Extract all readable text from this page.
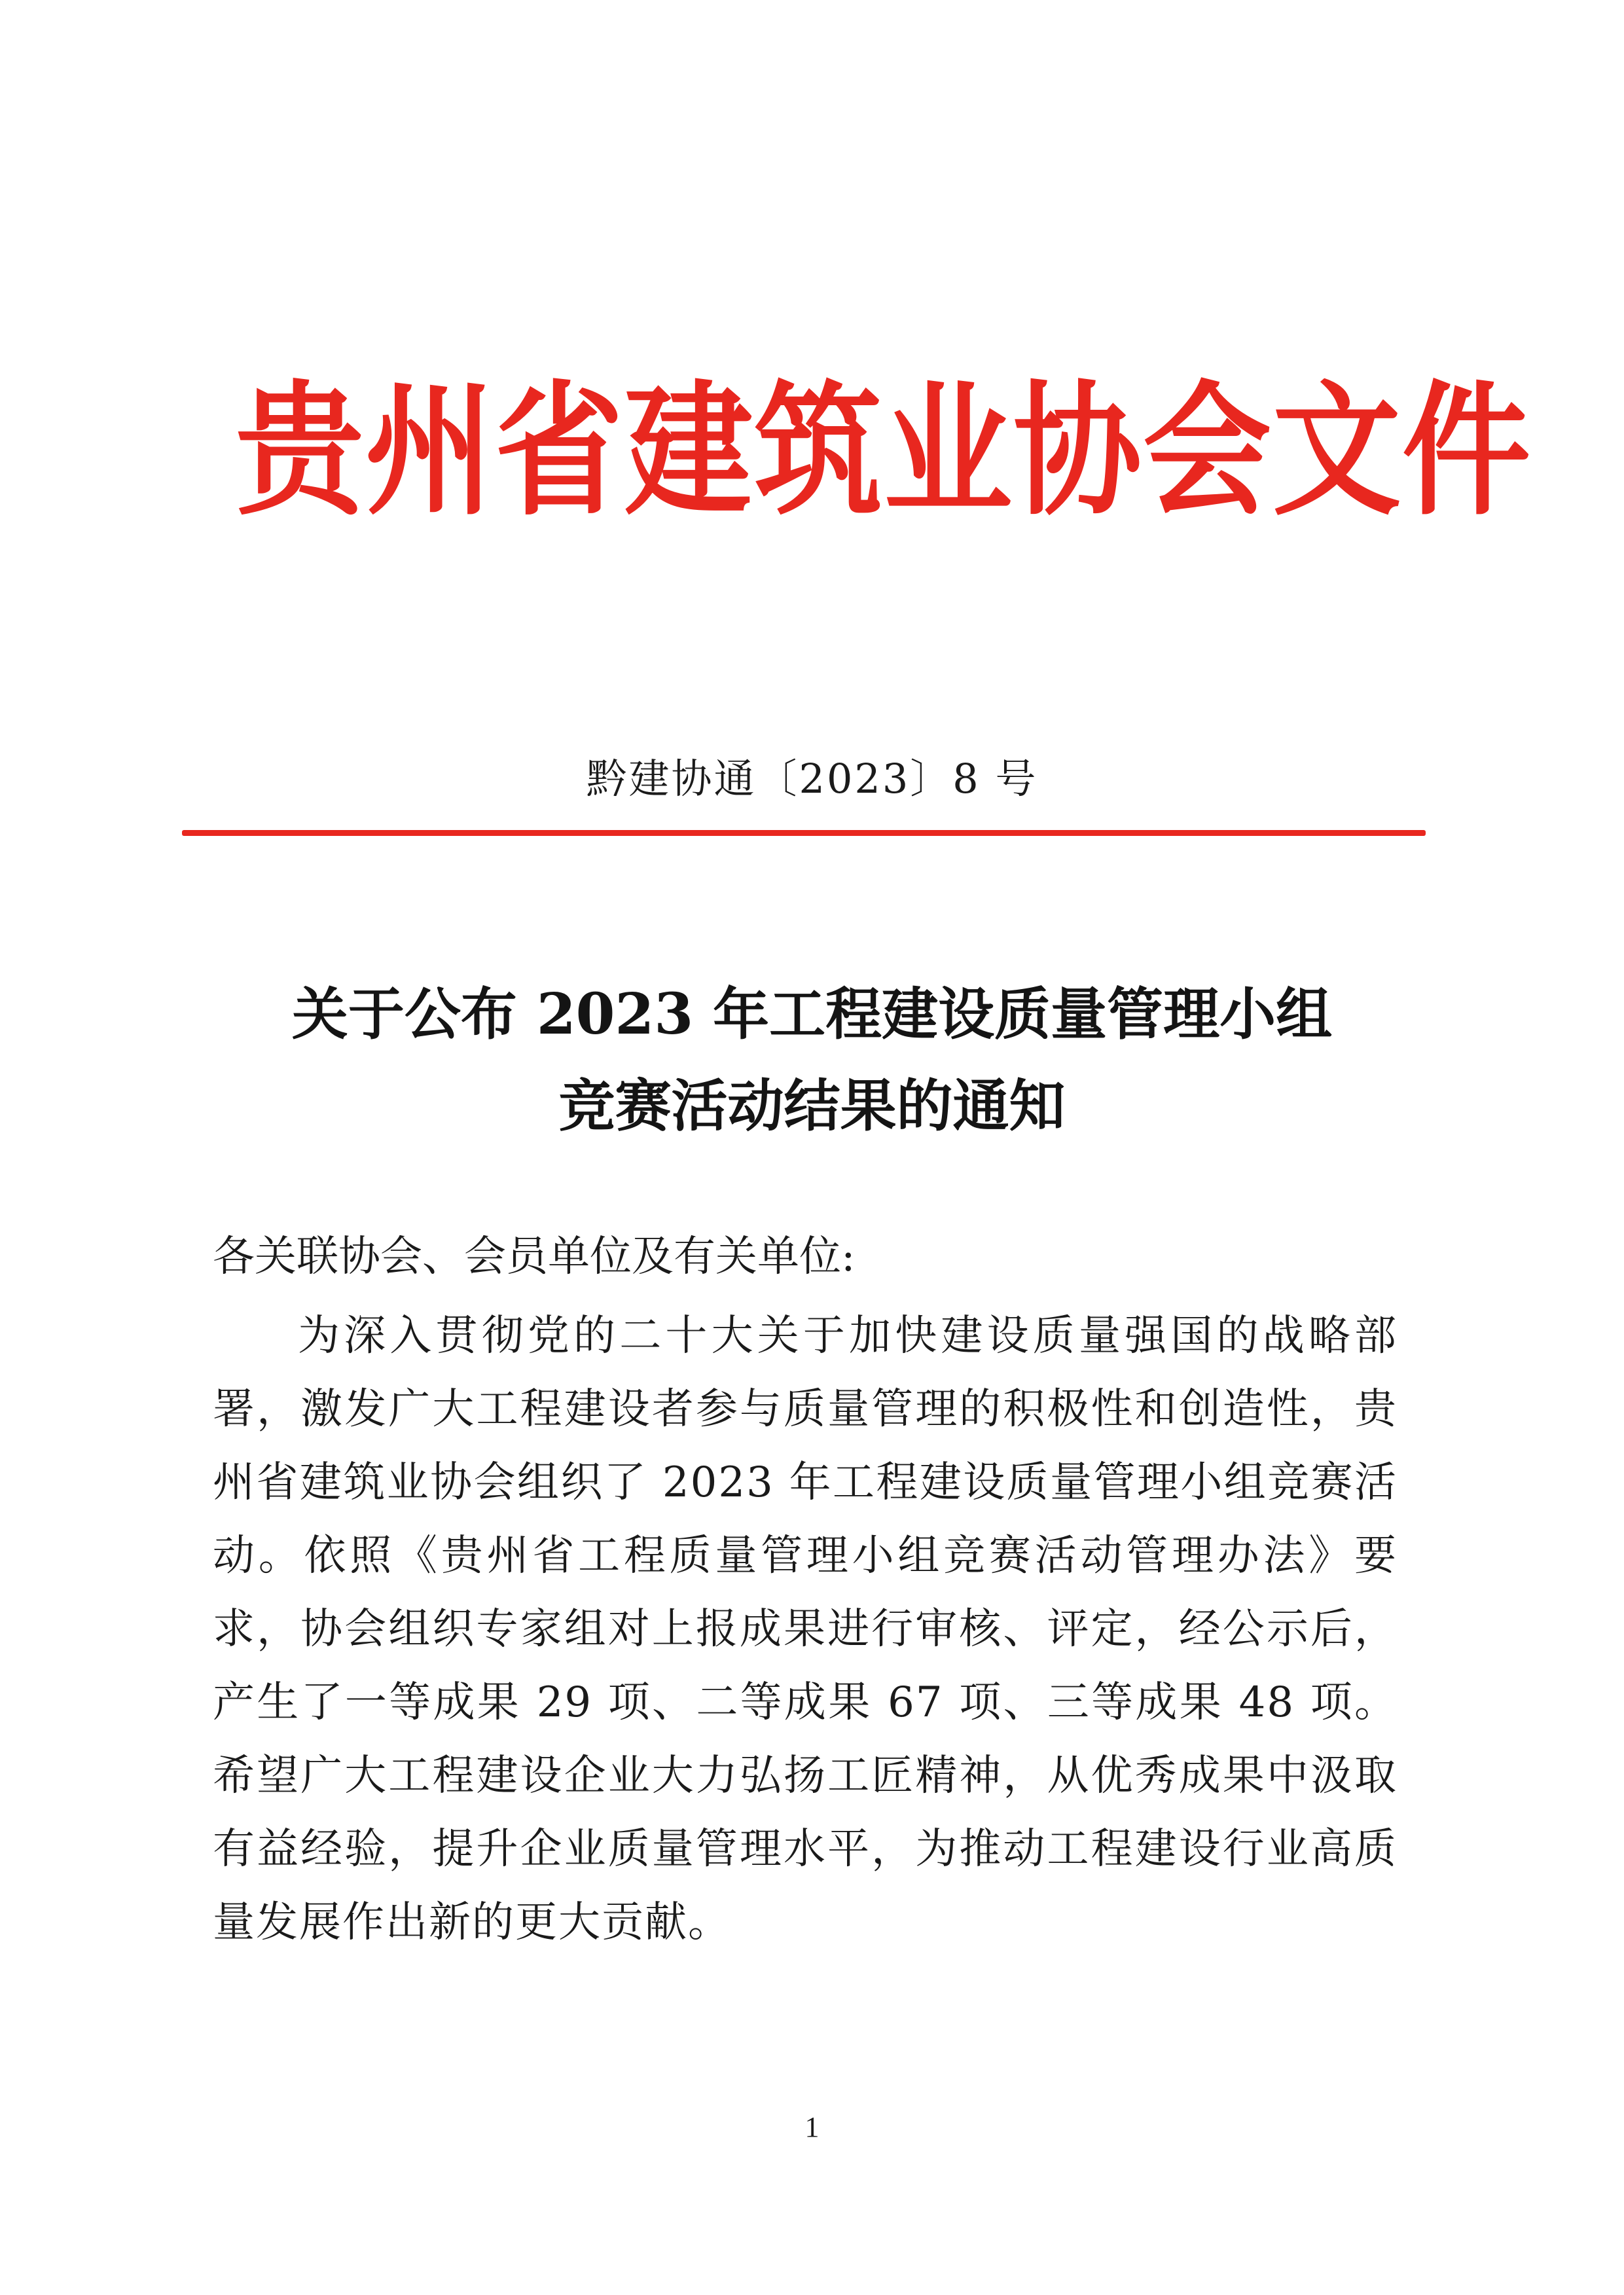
贵州省建筑业协会文件
黔建协通〔2023〕8 号
关于公布 2023 年工程建设质量管理小组
竞赛活动结果的通知
各关联协会、会员单位及有关单位:

为深入贯彻党的二十大关于加快建设质量强国的战略部署，激发广大工程建设者参与质量管理的积极性和创造性，贵州省建筑业协会组织了 2023 年工程建设质量管理小组竞赛活动。依照《贵州省工程质量管理小组竞赛活动管理办法》要求，协会组织专家组对上报成果进行审核、评定，经公示后，产生了一等成果 29 项、二等成果 67 项、三等成果 48 项。希望广大工程建设企业大力弘扬工匠精神，从优秀成果中汲取有益经验，提升企业质量管理水平，为推动工程建设行业高质量发展作出新的更大贡献。

1
